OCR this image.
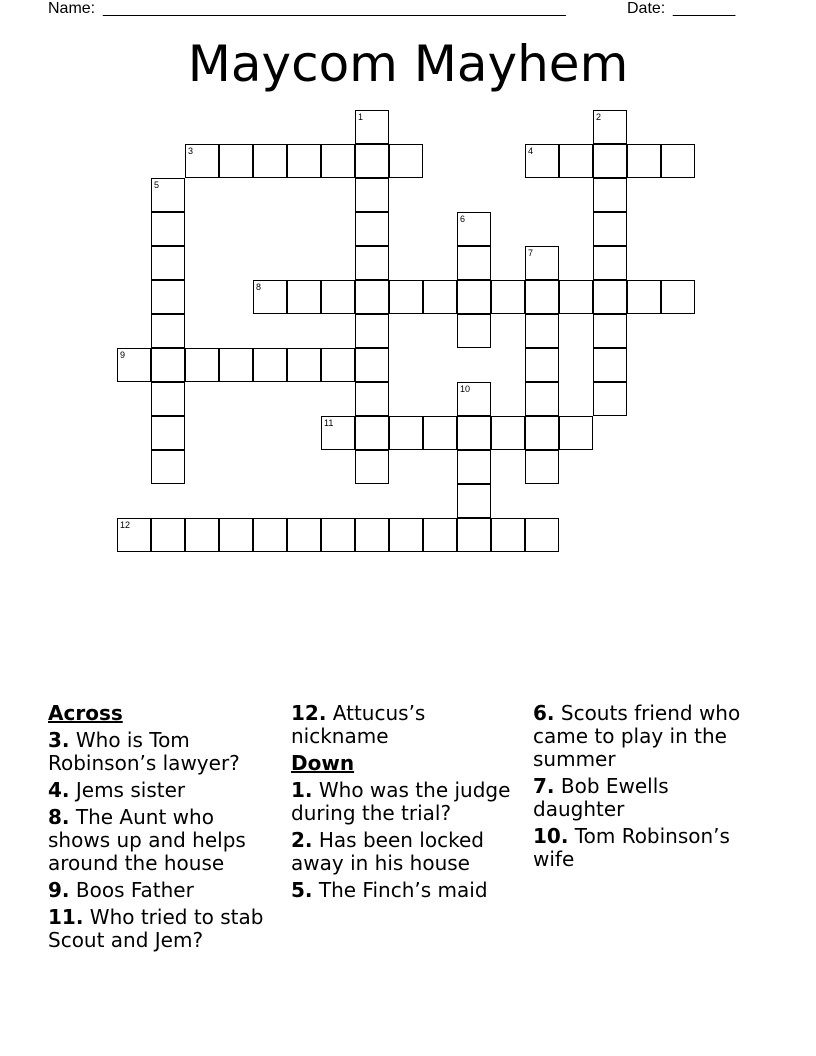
Name: ____________________________________________________	Date: _______
Maycom Mayhem
1	2
3	4
5
6
7
8
9
10
11
12
Across
3. Who is Tom Robinson’s lawyer?
4. Jems sister
8. The Aunt who shows up and helps around the house
9. Boos Father
11. Who tried to stab Scout and Jem?
12. Attucus’s nickname
Down
1. Who was the judge during the trial?
2. Has been locked away in his house
5. The Finch’s maid
6. Scouts friend who came to play in the summer
7. Bob Ewells daughter
10. Tom Robinson’s wife
